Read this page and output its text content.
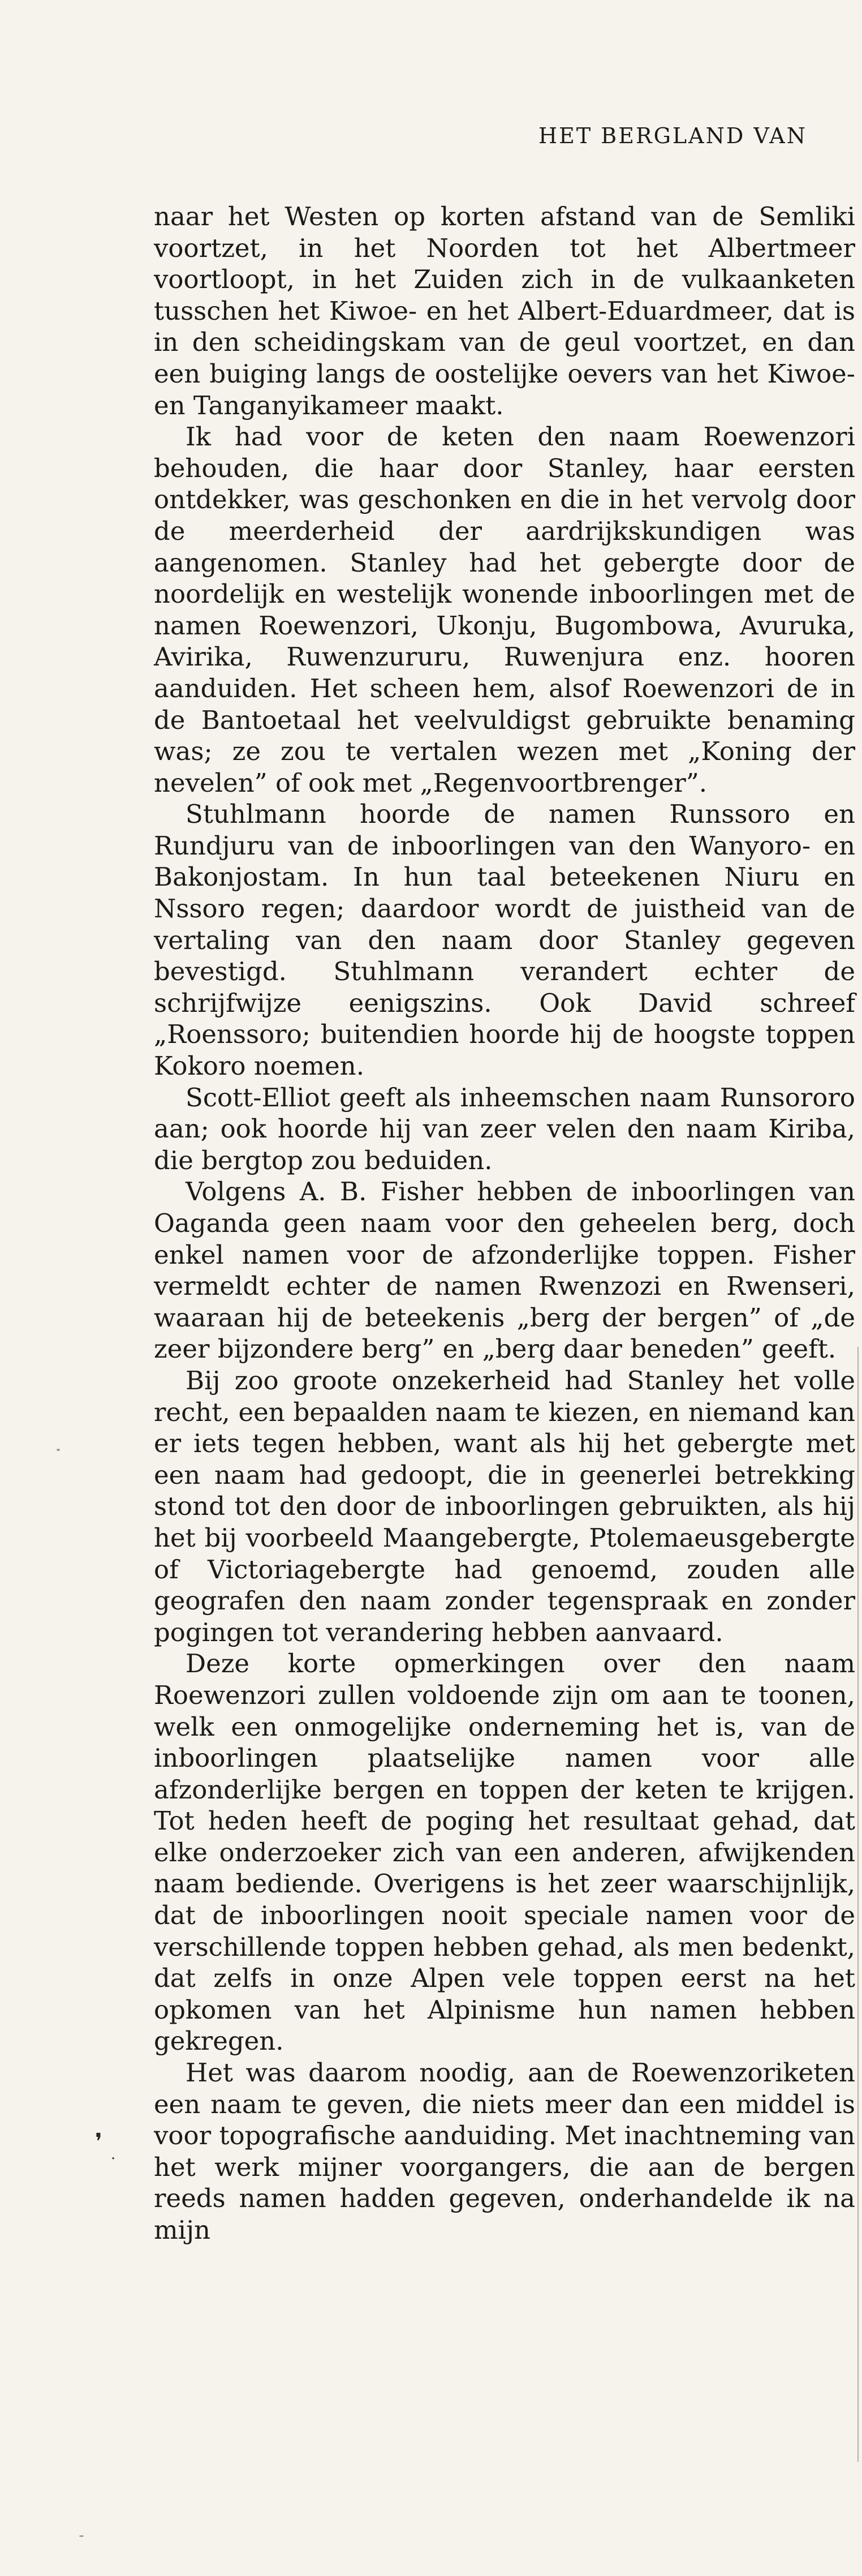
HET BERGLAND VAN

naar het Westen op korten afstand van de Semliki voortzet, in het Noorden tot het Albertmeer voortloopt, in het Zuiden zich in de vulkaanketen tusschen het Kiwoe- en het Albert-Eduardmeer, dat is in den scheidingskam van de geul voortzet, en dan een buiging langs de oostelijke oevers van het Kiwoe- en Tanganyikameer maakt.

Ik had voor de keten den naam Roewenzori behouden, die haar door Stanley, haar eersten ontdekker, was geschonken en die in het vervolg door de meerderheid der aardrijkskundigen was aangenomen. Stanley had het gebergte door de noordelijk en westelijk wonende inboorlingen met de namen Roewenzori, Ukonju, Bugombowa, Avuruka, Avirika, Ruwenzururu, Ruwenjura enz. hooren aanduiden. Het scheen hem, alsof Roewenzori de in de Bantoetaal het veelvuldigst gebruikte benaming was; ze zou te vertalen wezen met „Koning der nevelen” of ook met „Regenvoortbrenger”.

Stuhlmann hoorde de namen Runssoro en Rundjuru van de inboorlingen van den Wanyoro- en Bakonjostam. In hun taal beteekenen Niuru en Nssoro regen; daardoor wordt de juistheid van de vertaling van den naam door Stanley gegeven bevestigd. Stuhlmann verandert echter de schrijfwijze eenigszins. Ook David schreef „Roenssoro; buitendien hoorde hij de hoogste toppen Kokoro noemen.

Scott-Elliot geeft als inheemschen naam Runsororo aan; ook hoorde hij van zeer velen den naam Kiriba, die bergtop zou beduiden.

Volgens A. B. Fisher hebben de inboorlingen van Oaganda geen naam voor den geheelen berg, doch enkel namen voor de afzonderlijke toppen. Fisher vermeldt echter de namen Rwenzozi en Rwenseri, waaraan hij de beteekenis „berg der bergen” of „de zeer bijzondere berg” en „berg daar beneden” geeft.

Bij zoo groote onzekerheid had Stanley het volle recht, een bepaalden naam te kiezen, en niemand kan er iets tegen hebben, want als hij het gebergte met een naam had gedoopt, die in geenerlei betrekking stond tot den door de inboorlingen gebruikten, als hij het bij voorbeeld Maangebergte, Ptolemaeusgebergte of Victoriagebergte had genoemd, zouden alle geografen den naam zonder tegenspraak en zonder pogingen tot verandering hebben aanvaard.

Deze korte opmerkingen over den naam Roewenzori zullen voldoende zijn om aan te toonen, welk een onmogelijke onderneming het is, van de inboorlingen plaatselijke namen voor alle afzonderlijke bergen en toppen der keten te krijgen. Tot heden heeft de poging het resultaat gehad, dat elke onderzoeker zich van een anderen, afwijkenden naam bediende. Overigens is het zeer waarschijnlijk, dat de inboorlingen nooit speciale namen voor de verschillende toppen hebben gehad, als men bedenkt, dat zelfs in onze Alpen vele toppen eerst na het opkomen van het Alpinisme hun namen hebben gekregen.

Het was daarom noodig, aan de Roewenzoriketen een naam te geven, die niets meer dan een middel is voor topografische aanduiding. Met inachtneming van het werk mijner voorgangers, die aan de bergen reeds namen hadden gegeven, onderhandelde ik na mijn

❜
·
